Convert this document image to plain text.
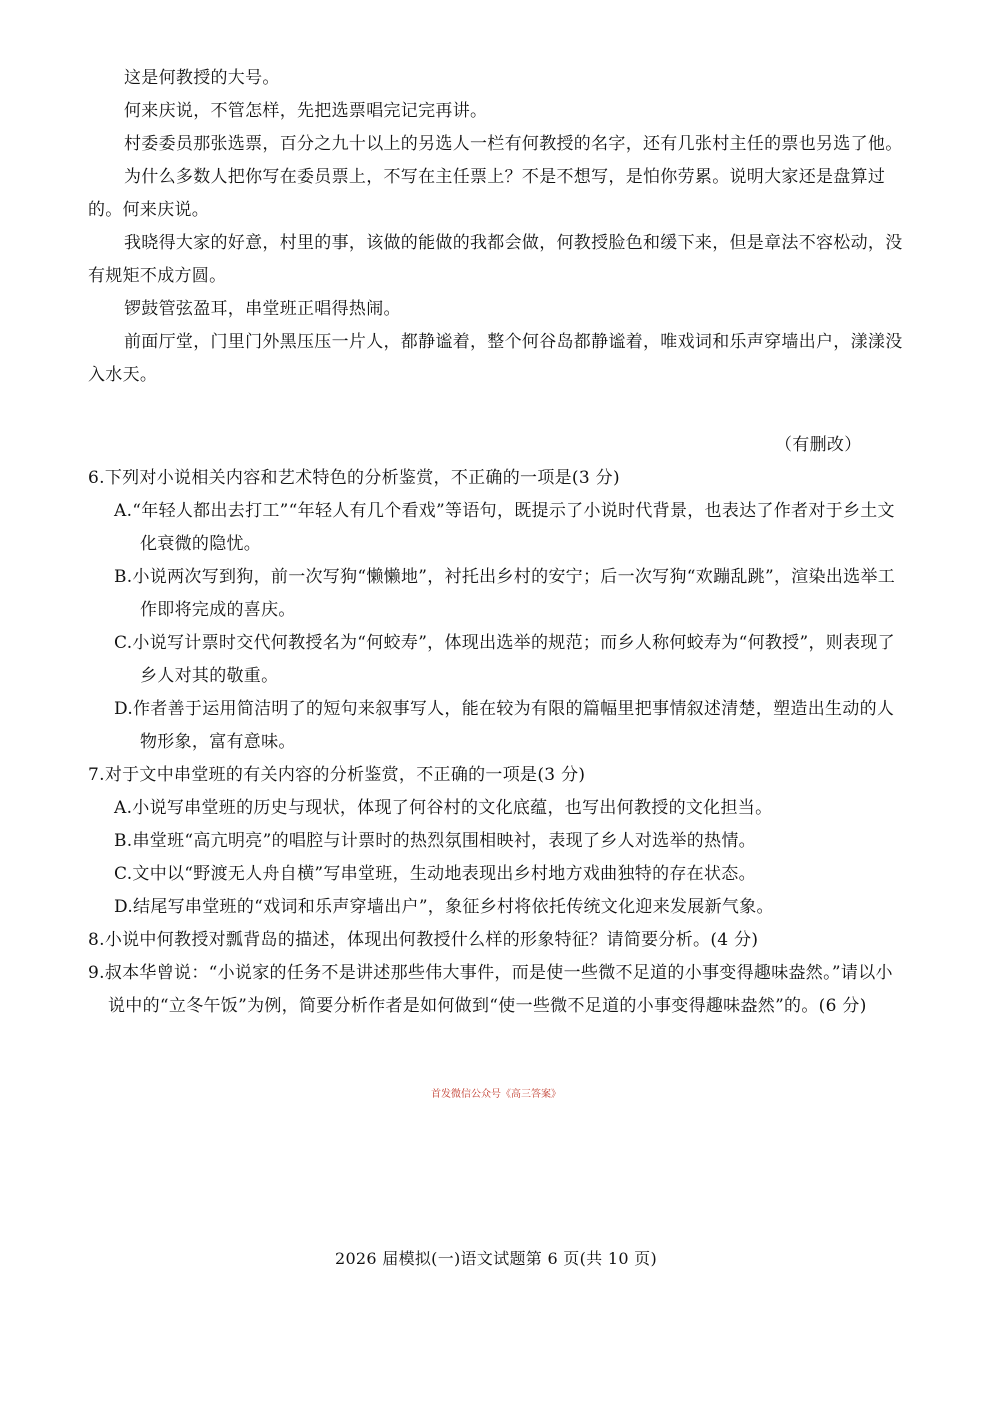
这是何教授的大号。

何来庆说，不管怎样，先把选票唱完记完再讲。

村委委员那张选票，百分之九十以上的另选人一栏有何教授的名字，还有几张村主任的票也另选了他。

为什么多数人把你写在委员票上，不写在主任票上？不是不想写，是怕你劳累。说明大家还是盘算过的。何来庆说。

我晓得大家的好意，村里的事，该做的能做的我都会做，何教授脸色和缓下来，但是章法不容松动，没有规矩不成方圆。

锣鼓管弦盈耳，串堂班正唱得热闹。

前面厅堂，门里门外黑压压一片人，都静谧着，整个何谷岛都静谧着，唯戏词和乐声穿墙出户，漾漾没入水天。

（有删改）

6.下列对小说相关内容和艺术特色的分析鉴赏，不正确的一项是(3 分)

A.“年轻人都出去打工”“年轻人有几个看戏”等语句，既提示了小说时代背景，也表达了作者对于乡土文化衰微的隐忧。

B.小说两次写到狗，前一次写狗“懒懒地”，衬托出乡村的安宁；后一次写狗“欢蹦乱跳”，渲染出选举工作即将完成的喜庆。

C.小说写计票时交代何教授名为“何蛟寿”，体现出选举的规范；而乡人称何蛟寿为“何教授”，则表现了乡人对其的敬重。

D.作者善于运用简洁明了的短句来叙事写人，能在较为有限的篇幅里把事情叙述清楚，塑造出生动的人物形象，富有意味。

7.对于文中串堂班的有关内容的分析鉴赏，不正确的一项是(3 分)

A.小说写串堂班的历史与现状，体现了何谷村的文化底蕴，也写出何教授的文化担当。

B.串堂班“高亢明亮”的唱腔与计票时的热烈氛围相映衬，表现了乡人对选举的热情。

C.文中以“野渡无人舟自横”写串堂班，生动地表现出乡村地方戏曲独特的存在状态。

D.结尾写串堂班的“戏词和乐声穿墙出户”，象征乡村将依托传统文化迎来发展新气象。

8.小说中何教授对瓢背岛的描述，体现出何教授什么样的形象特征？请简要分析。(4 分)

9.叔本华曾说：“小说家的任务不是讲述那些伟大事件，而是使一些微不足道的小事变得趣味盎然。”请以小说中的“立冬午饭”为例，简要分析作者是如何做到“使一些微不足道的小事变得趣味盎然”的。(6 分)

首发微信公众号《高三答案》
2026 届模拟(一)语文试题第 6 页(共 10 页)
